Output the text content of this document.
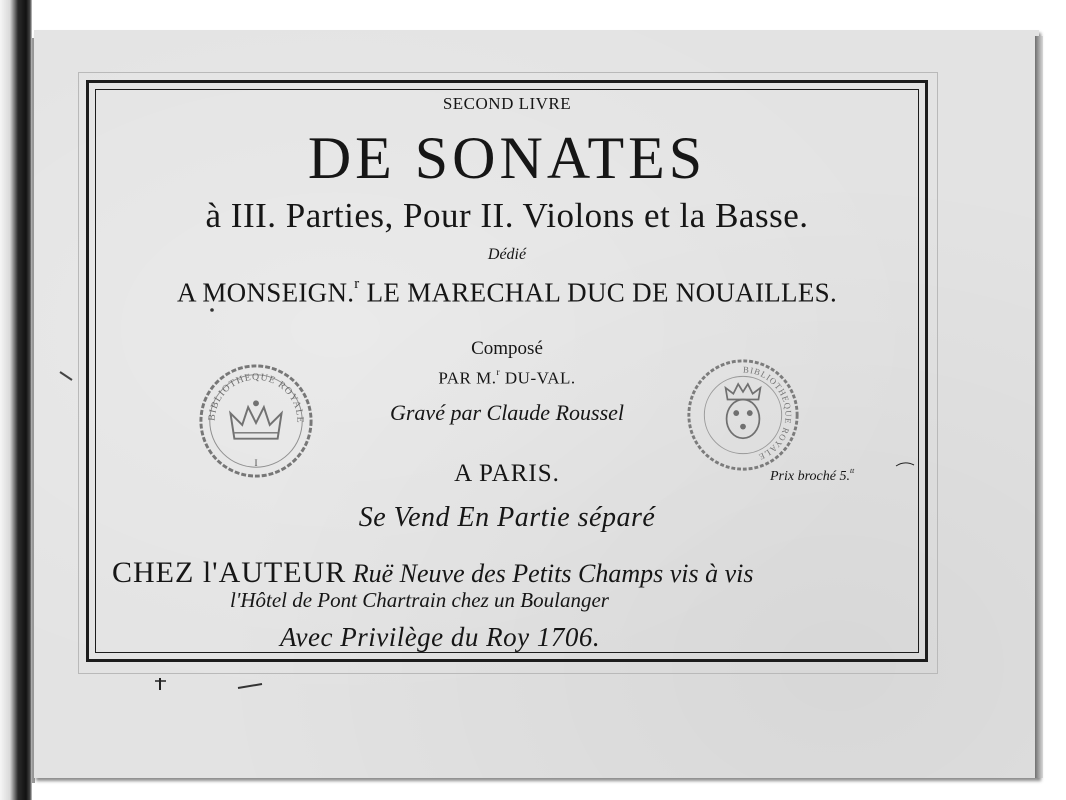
SECOND LIVRE
DE SONATES
à III. Parties, Pour II. Violons et la Basse.
Dédié
A MONSEIGN.$^r$ LE MARECHAL DUC DE NOUAILLES.
Composé
PAR M.$^r$ DU-VAL.
Gravé par Claude Roussel
A PARIS.	Prix broché 5.$^{tt}$
Se Vend En Partie séparé
CHEZ l'AUTEUR Ruë Neuve des Petits Champs vis à vis
l'Hôtel de Pont Chartrain chez un Boulanger
Avec Privilège du Roy 1706.
BIBLIOTHEQUE ROYALE
I
BIBLIOTHEQUE ROYALE
